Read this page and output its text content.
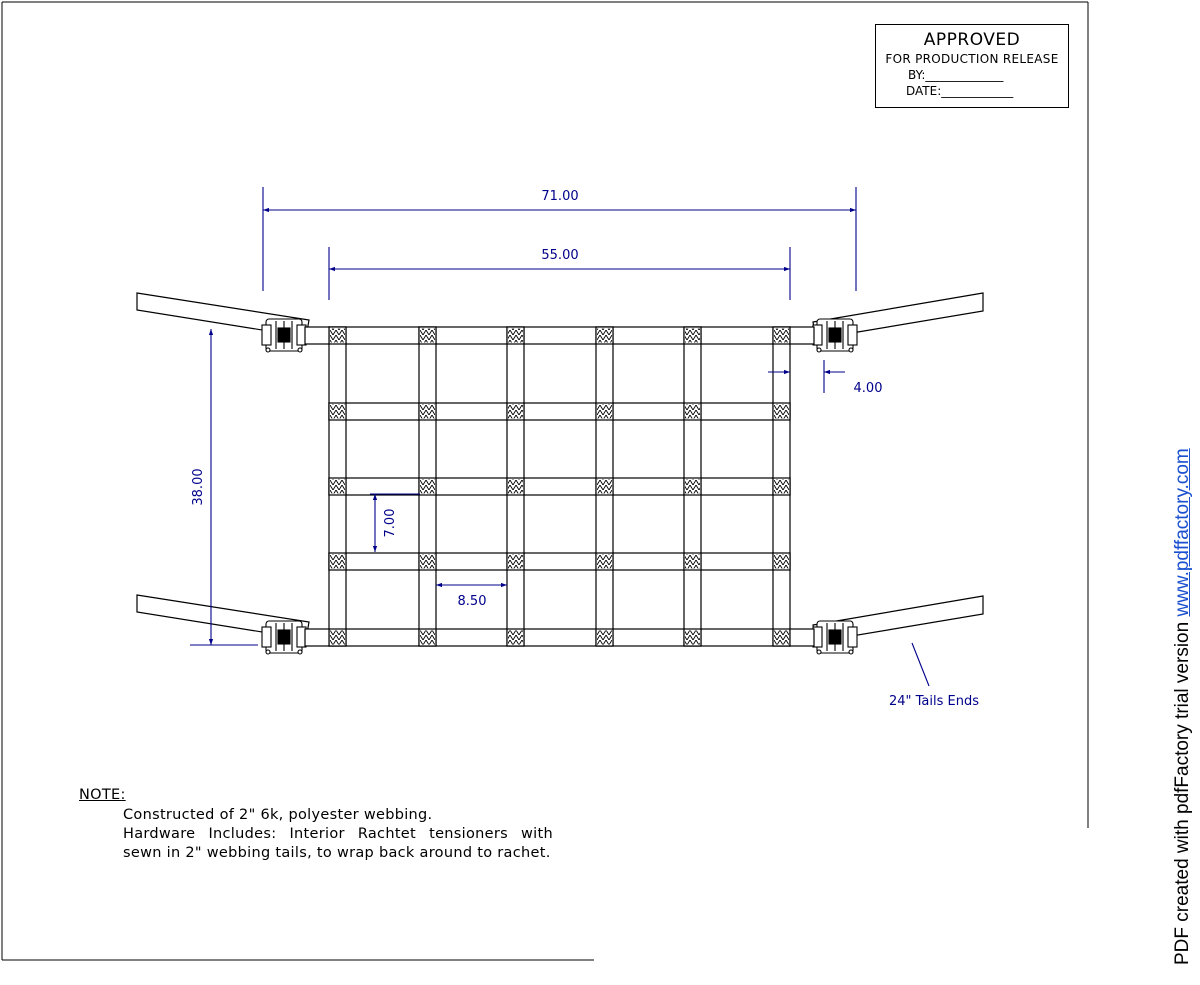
71.00
55.00
38.00
4.00
7.00
8.50
24" Tails Ends
APPROVED
FOR PRODUCTION RELEASE
BY:_____________
DATE:____________
NOTE:
Constructed of 2" 6k, polyester webbing.
Hardware Includes: Interior Rachtet tensioners with sewn in 2" webbing tails, to wrap back around to rachet.	PDF created with pdfFactory trial version www.pdffactory.com
